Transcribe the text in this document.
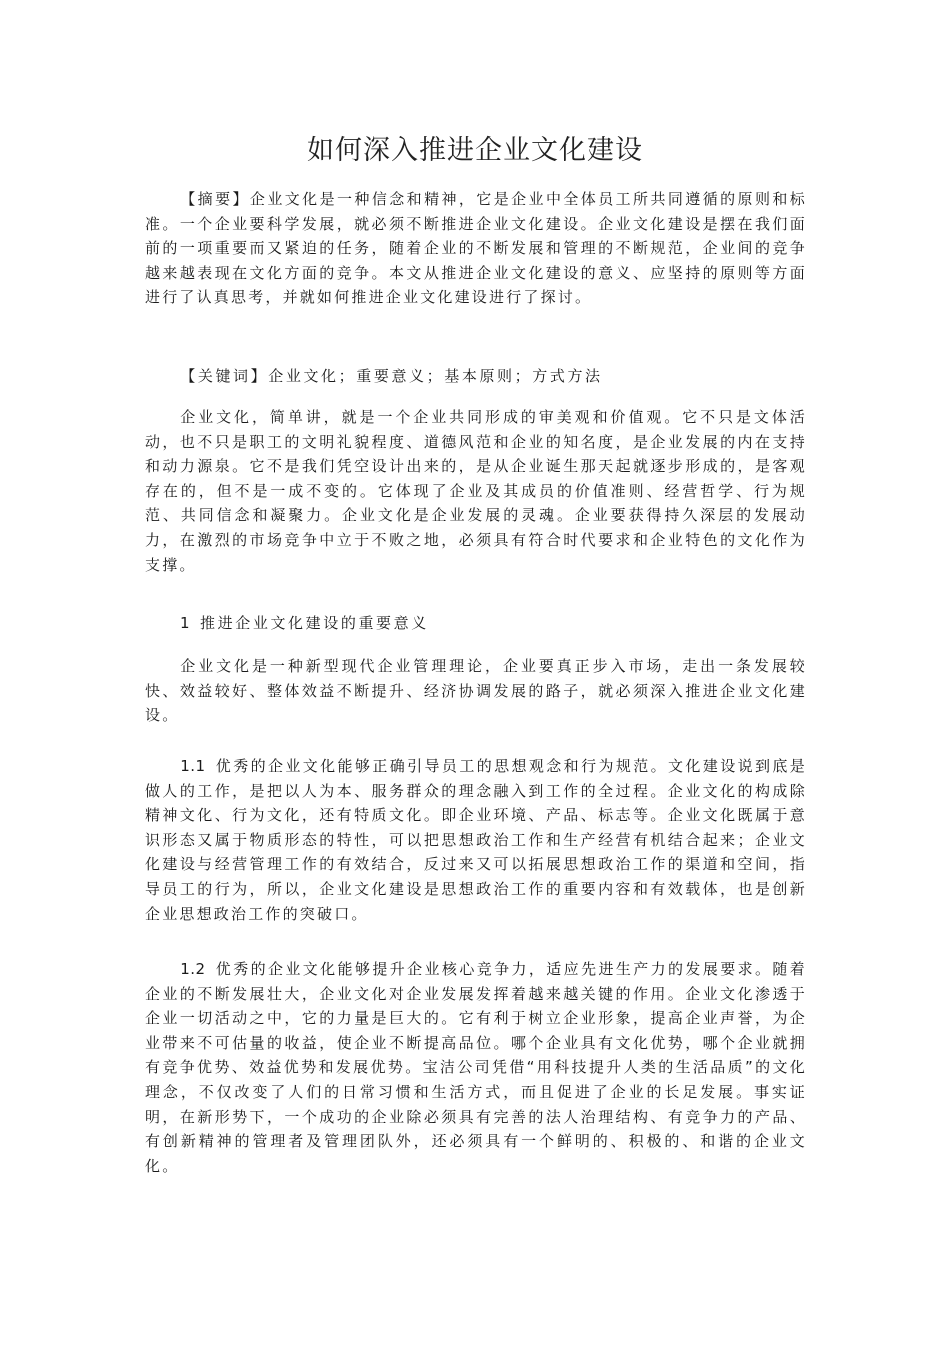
如何深入推进企业文化建设

【摘要】企业文化是一种信念和精神，它是企业中全体员工所共同遵循的原则和标准。一个企业要科学发展，就必须不断推进企业文化建设。企业文化建设是摆在我们面前的一项重要而又紧迫的任务，随着企业的不断发展和管理的不断规范，企业间的竞争越来越表现在文化方面的竞争。本文从推进企业文化建设的意义、应坚持的原则等方面进行了认真思考，并就如何推进企业文化建设进行了探讨。

【关键词】企业文化；重要意义；基本原则；方式方法

企业文化，简单讲，就是一个企业共同形成的审美观和价值观。它不只是文体活动，也不只是职工的文明礼貌程度、道德风范和企业的知名度，是企业发展的内在支持和动力源泉。它不是我们凭空设计出来的，是从企业诞生那天起就逐步形成的，是客观存在的，但不是一成不变的。它体现了企业及其成员的价值准则、经营哲学、行为规范、共同信念和凝聚力。企业文化是企业发展的灵魂。企业要获得持久深层的发展动力，在激烈的市场竞争中立于不败之地，必须具有符合时代要求和企业特色的文化作为支撑。

1 推进企业文化建设的重要意义

企业文化是一种新型现代企业管理理论，企业要真正步入市场，走出一条发展较快、效益较好、整体效益不断提升、经济协调发展的路子，就必须深入推进企业文化建设。

1.1 优秀的企业文化能够正确引导员工的思想观念和行为规范。文化建设说到底是做人的工作，是把以人为本、服务群众的理念融入到工作的全过程。企业文化的构成除精神文化、行为文化，还有特质文化。即企业环境、产品、标志等。企业文化既属于意识形态又属于物质形态的特性，可以把思想政治工作和生产经营有机结合起来；企业文化建设与经营管理工作的有效结合，反过来又可以拓展思想政治工作的渠道和空间，指导员工的行为，所以，企业文化建设是思想政治工作的重要内容和有效载体，也是创新企业思想政治工作的突破口。

1.2 优秀的企业文化能够提升企业核心竞争力，适应先进生产力的发展要求。随着企业的不断发展壮大，企业文化对企业发展发挥着越来越关键的作用。企业文化渗透于企业一切活动之中，它的力量是巨大的。它有利于树立企业形象，提高企业声誉，为企业带来不可估量的收益，使企业不断提高品位。哪个企业具有文化优势，哪个企业就拥有竞争优势、效益优势和发展优势。宝洁公司凭借“用科技提升人类的生活品质”的文化理念，不仅改变了人们的日常习惯和生活方式，而且促进了企业的长足发展。事实证明，在新形势下，一个成功的企业除必须具有完善的法人治理结构、有竞争力的产品、有创新精神的管理者及管理团队外，还必须具有一个鲜明的、积极的、和谐的企业文化。
